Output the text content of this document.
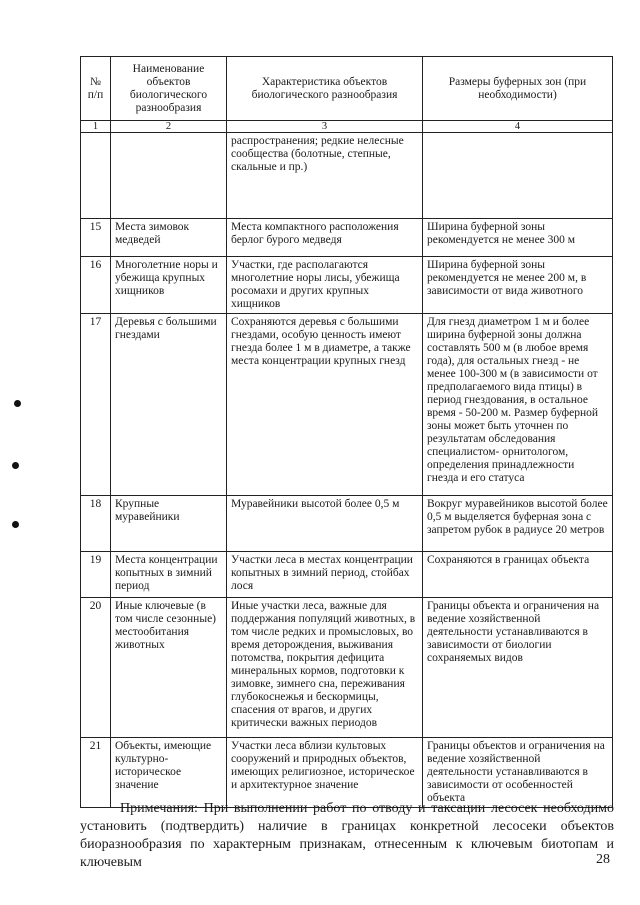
№ п/п	Наименование объектов биологического разнообразия	Характеристика объектов биологического разнообразия	Размеры буферных зон (при необходимости)
1	2	3	4
		распространения; редкие нелесные сообщества (болотные, степные, скальные и пр.)	
15	Места зимовок медведей	Места компактного расположения берлог бурого медведя	Ширина буферной зоны рекомендуется не менее 300 м
16	Многолетние норы и убежища крупных хищников	Участки, где располагаются многолетние норы лисы, убежища росомахи и других крупных хищников	Ширина буферной зоны рекомендуется не менее 200 м, в зависимости от вида животного
17	Деревья с большими гнездами	Сохраняются деревья с большими гнездами, особую ценность имеют гнезда более 1 м в диаметре, а также места концентрации крупных гнезд	Для гнезд диаметром 1 м и более ширина буферной зоны должна составлять 500 м (в любое время года), для остальных гнезд - не менее 100-300 м (в зависимости от предполагаемого вида птицы) в период гнездования, в остальное время - 50-200 м. Размер буферной зоны может быть уточнен по результатам обследования специалистом- орнитологом, определения принадлежности гнезда и его статуса
18	Крупные муравейники	Муравейники высотой более 0,5 м	Вокруг муравейников высотой более 0,5 м выделяется буферная зона с запретом рубок в радиусе 20 метров
19	Места концентрации копытных в зимний период	Участки леса в местах концентрации копытных в зимний период, стойбах лося	Сохраняются в границах объекта
20	Иные ключевые (в том числе сезонные) местообитания животных	Иные участки леса, важные для поддержания популяций животных, в том числе редких и промысловых, во время деторождения, выживания потомства, покрытия дефицита минеральных кормов, подготовки к зимовке, зимнего сна, переживания глубокоснежья и бескормицы, спасения от врагов, и других критически важных периодов	Границы объекта и ограничения на ведение хозяйственной деятельности устанавливаются в зависимости от биологии сохраняемых видов
21	Объекты, имеющие культурно-историческое значение	Участки леса вблизи культовых сооружений и природных объектов, имеющих религиозное, историческое и архитектурное значение	Границы объектов и ограничения на ведение хозяйственной деятельности устанавливаются в зависимости от особенностей объекта

Примечания: При выполнении работ по отводу и таксации лесосек необходимо установить (подтвердить) наличие в границах конкретной лесосеки объектов биоразнообразия по характерным признакам, отнесенным к ключевым биотопам и ключевым	28
